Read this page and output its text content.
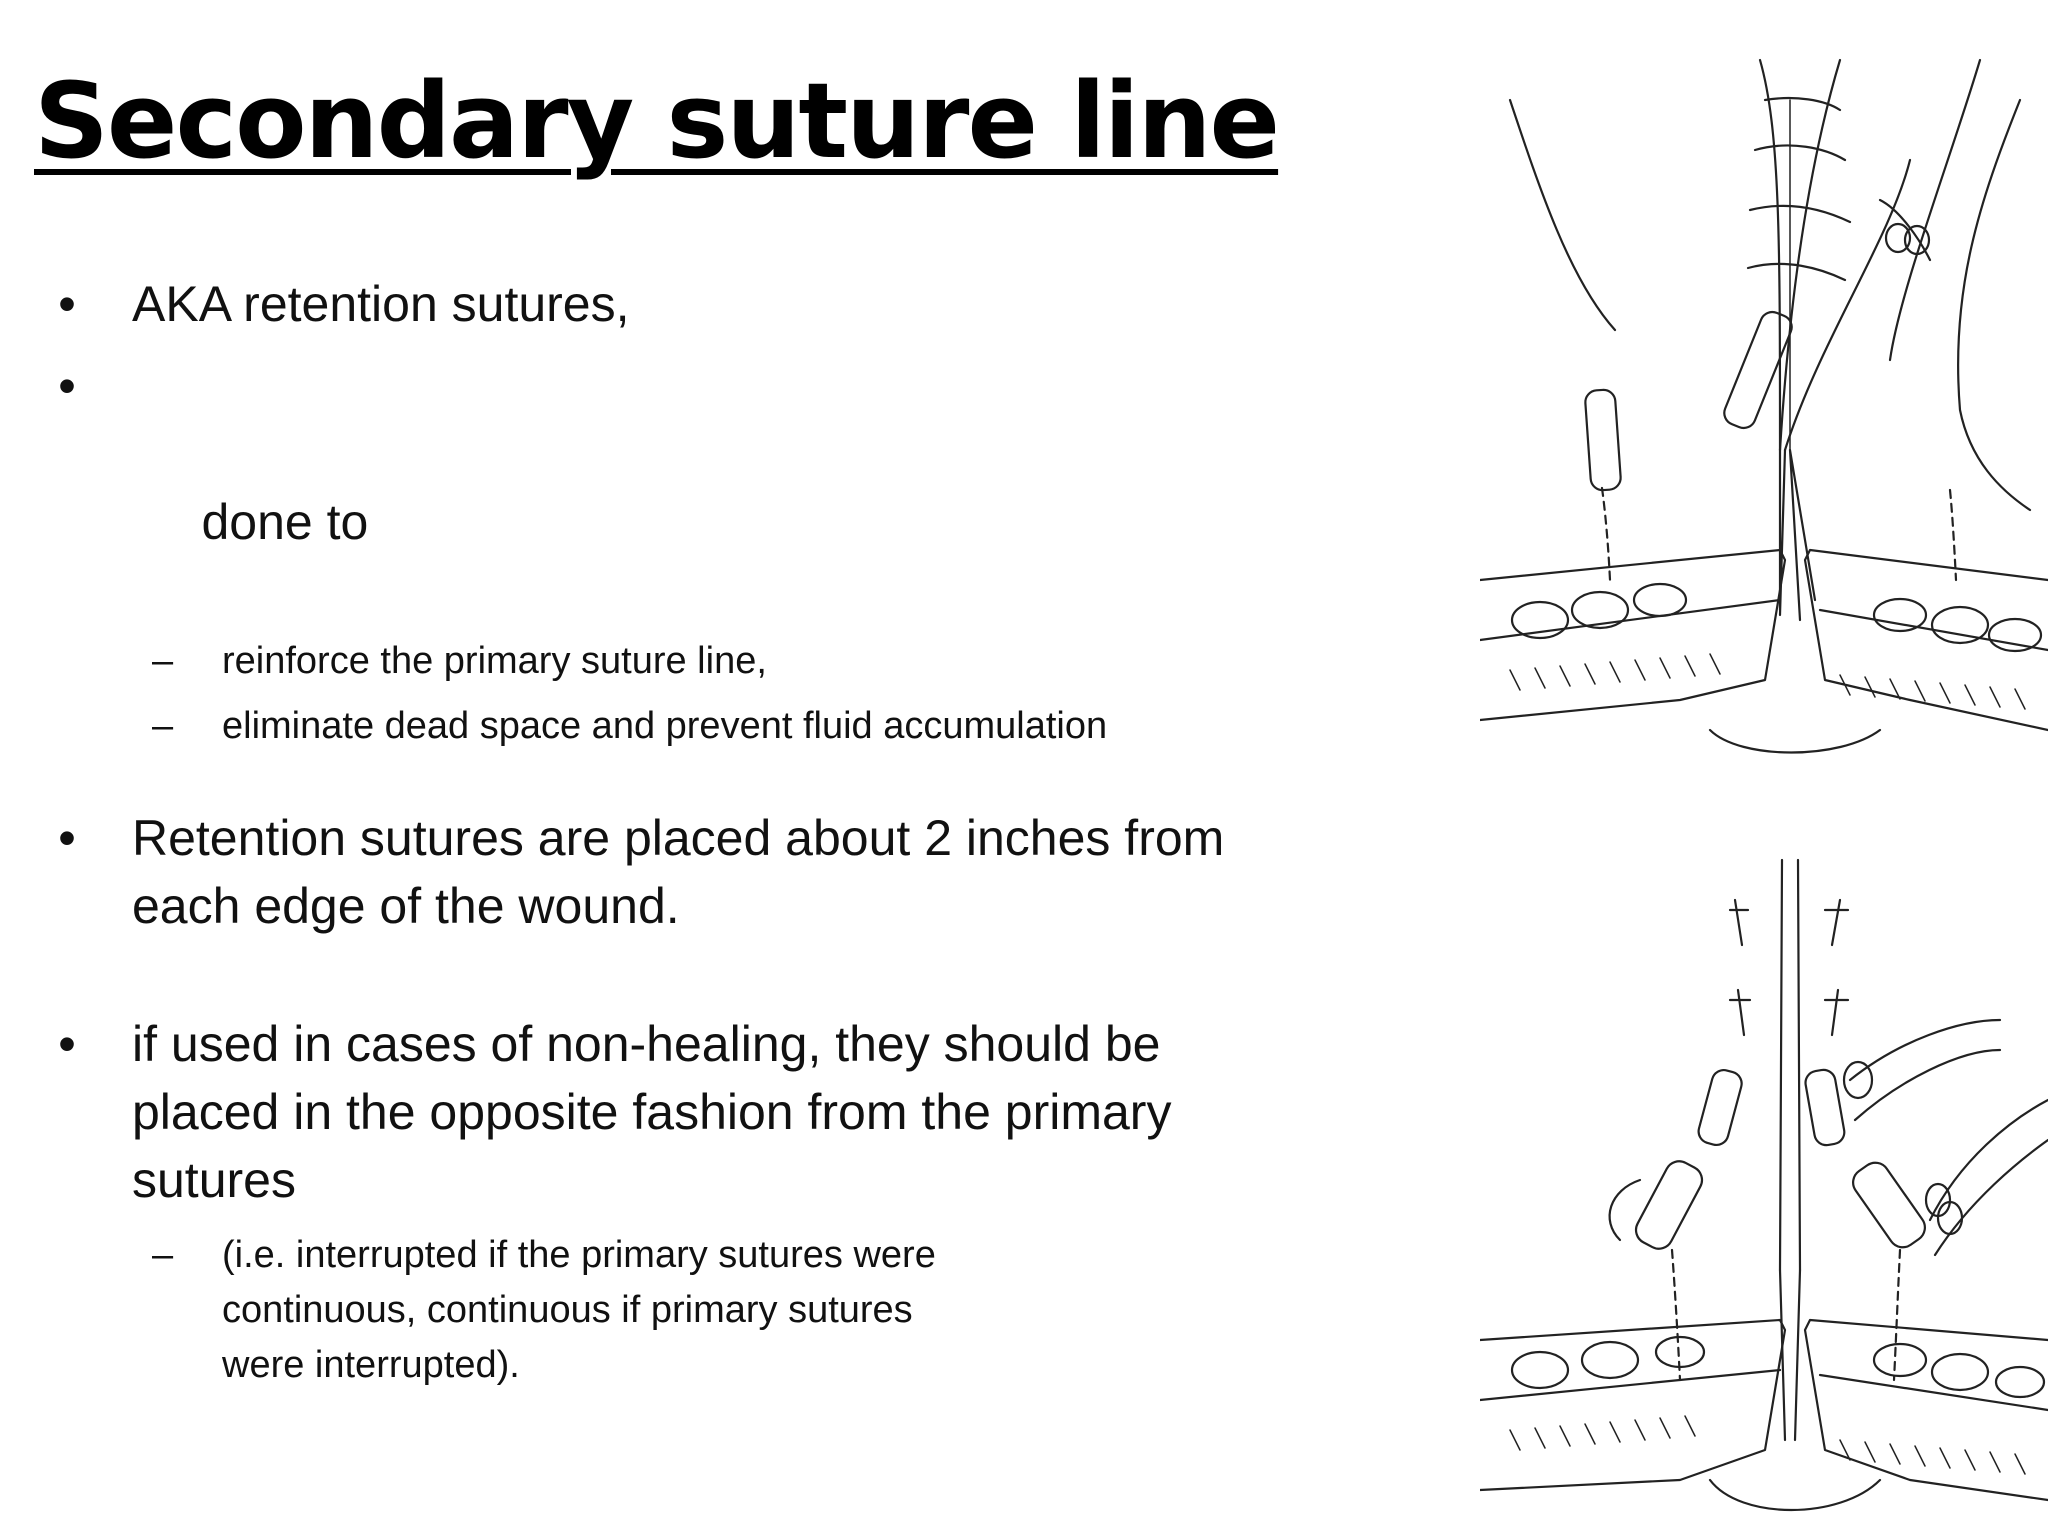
Secondary suture line
• AKA retention sutures,

•

done to

– reinforce the primary suture line,
– eliminate dead space and prevent fluid accumulation
• Retention sutures are placed about 2 inches from each edge of the wound.
• if used in cases of non-healing, they should be placed in the opposite fashion from the primary sutures
– (i.e. interrupted if the primary sutures were continuous, continuous if primary sutures were interrupted).
